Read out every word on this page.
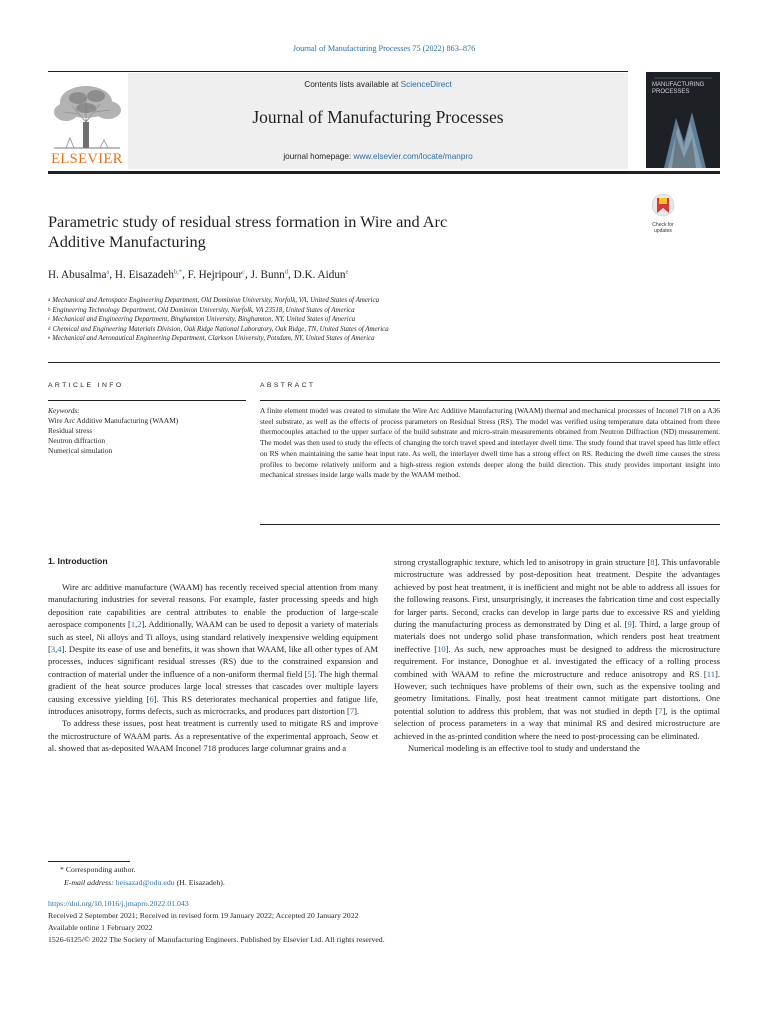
Journal of Manufacturing Processes 75 (2022) 863–876
Contents lists available at ScienceDirect
Journal of Manufacturing Processes
journal homepage: www.elsevier.com/locate/manpro
ELSEVIER
MANUFACTURING PROCESSES
Parametric study of residual stress formation in Wire and Arc
Additive Manufacturing
Check for updates
H. Abusalma$^a$, H. Eisazadeh$^{b,*}$, F. Hejripour$^c$, J. Bunn$^d$, D.K. Aidun$^e$
$^a$ Mechanical and Aerospace Engineering Department, Old Dominion University, Norfolk, VA, United States of America
$^b$ Engineering Technology Department, Old Dominion University, Norfolk, VA 23518, United States of America
$^c$ Mechanical and Engineering Department, Binghamton University, Binghamton, NY, United States of America
$^d$ Chemical and Engineering Materials Division, Oak Ridge National Laboratory, Oak Ridge, TN, United States of America
$^e$ Mechanical and Aeronautical Engineering Department, Clarkson University, Potsdam, NY, United States of America
ARTICLE INFO	ABSTRACT
Keywords:
Wire Arc Additive Manufacturing (WAAM)
Residual stress
Neutron diffraction
Numerical simulation
A finite element model was created to simulate the Wire Arc Additive Manufacturing (WAAM) thermal and mechanical processes of Inconel 718 on a A36 steel substrate, as well as the effects of process parameters on Residual Stress (RS). The model was verified using temperature data obtained from three thermocouples attached to the upper surface of the build substrate and micro-strain measurements obtained from Neutron Diffraction (ND) measurement. The model was then used to study the effects of changing the torch travel speed and interlayer dwell time. The study found that travel speed has little effect on RS when maintaining the same heat input rate. As well, the interlayer dwell time has a strong effect on RS. Reducing the dwell time causes the stress profiles to become relatively uniform and a high-stress region extends deeper along the build direction. This study provides important insight into mechanical stresses inside large walls made by the WAAM method.
1. Introduction

Wire arc additive manufacture (WAAM) has recently received special attention from many manufacturing industries for several reasons. For example, faster processing speeds and high deposition rate capabilities are central attributes to enable the production of large-scale aerospace components [1,2]. Additionally, WAAM can be used to deposit a variety of materials such as steel, Ni alloys and Ti alloys, using standard relatively inexpensive welding equipment [3,4]. Despite its ease of use and benefits, it was shown that WAAM, like all other types of AM processes, induces significant residual stresses (RS) due to the constrained expansion and contraction of material under the influence of a non-uniform thermal field [5]. The high thermal gradient of the heat source produces large local stresses that cascades over multiple layers causing excessive yielding [6]. This RS deteriorates mechanical properties and fatigue life, introduces anisotropy, forms defects, such as microcracks, and produces part distortion [7].

To address these issues, post heat treatment is currently used to mitigate RS and improve the microstructure of WAAM parts. As a representative of the experimental approach, Seow et al. showed that as-deposited WAAM Inconel 718 produces large columnar grains and a

strong crystallographic texture, which led to anisotropy in grain structure [8]. This unfavorable microstructure was addressed by post-deposition heat treatment. Despite the advantages achieved by post heat treatment, it is inefficient and might not be able to address all issues for the following reasons. First, unsurprisingly, it increases the fabrication time and cost especially for larger parts. Second, cracks can develop in large parts due to excessive RS and yielding during the manufacturing process as demonstrated by Ding et al. [9]. Third, a large group of materials does not undergo solid phase transformation, which renders post heat treatment ineffective [10]. As such, new approaches must be designed to address the microstructure requirement. For instance, Donoghue et al. investigated the efficacy of a rolling process combined with WAAM to refine the microstructure and reduce anisotropy and RS [11]. However, such techniques have problems of their own, such as the expensive tooling and geometry limitations. Finally, post heat treatment cannot mitigate part distortions. One potential solution to address this problem, that was not studied in depth [7], is the optimal selection of process parameters in a way that minimal RS and desired microstructure are achieved in the as-printed condition where the need to post-processing can be eliminated.

Numerical modeling is an effective tool to study and understand the

* Corresponding author.
E-mail address: heisazad@odu.edu (H. Eisazadeh).
https://doi.org/10.1016/j.jmapro.2022.01.043
Received 2 September 2021; Received in revised form 19 January 2022; Accepted 20 January 2022
Available online 1 February 2022
1526-6125/© 2022 The Society of Manufacturing Engineers. Published by Elsevier Ltd. All rights reserved.
